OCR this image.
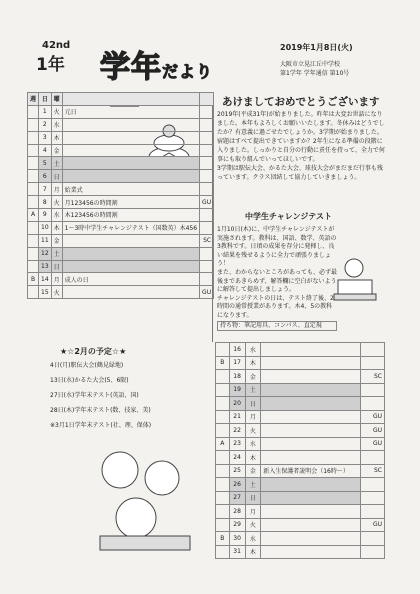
42nd
1年 学年だより
2019年1月8日(火)
大阪市立晃江丘中学校
第1学年 学年通信 第10号
週	日	曜		
	1	火	元日	
	2	水		
	3	木		
	4	金		
	5	土		
	6	日		
	7	月	始業式	
	8	火	月123456の時間割	GU
A	9	水	木123456の時間割	
	10	木	1〜3時中学生チャレンジテスト（国数英）木456	
	11	金		SC
	12	土		
	13	日		
B	14	月	成人の日	
	15	火		GU
	16	水		
B	17	木		
	18	金		SC
	19	土		
	20	日		
	21	月		GU
	22	火		GU
A	23	水		GU
	24	木		
	25	金	新入生保護者説明会（16時〜）	SC
	26	土		
	27	日		
	28	月		
	29	火		GU
B	30	水		
	31	木		
あけましておめでとうございます

2019年(平成31年)が始まりました。昨年は大変お世話になりました。本年もよろしくお願いいたします。冬休みはどうでしたか？有意義に過ごせたでしょうか。3学期が始まりました。宿題はすべて提出できていますか？2年生になる準備の段階に入りました。しっかりと自分の行動に責任を持って、全力で何事にも取り組んでいってほしいです。

3学期は駅伝大会、かるた大会、球技大会がまだまだ行事も残っています。クラス団結して協力していきましょう。

中学生チャレンジテスト

1月10日(木)に、中学生チャレンジテストが実施されます。教科は、国語、数学、英語の3教科です。日頃の成果を存分に発揮し、良い結果を残せるように全力で頑張りましょう！

また、わからないところがあっても、必ず最後まであきらめず、解答欄に空白がないように解答して提出しましょう。

チャレンジテストの日は、テスト終了後、2時間の通常授業があります。木4、5の教科になります。

持ち物：筆記用具、コンパス、直定規

★☆2月の予定☆★
4日(月)駅伝大会(鶴見緑地)
13日(水)かるた大会(5、6限)
27日(水)学年末テスト(英語、国)
28日(木)学年末テスト(数、技家、美)
※3月1日学年末テスト(社、理、保体)
